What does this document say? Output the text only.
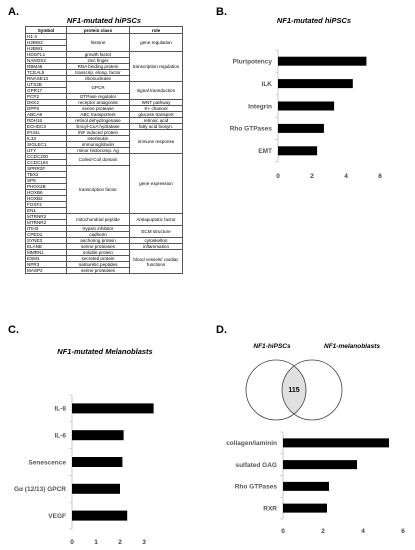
A.	B.
C.	D.
NF1-mutated hiPSCs
Symbol	protein class	role
H1-4	histone	gene regulation
H2BW2		
H2BW1		
HDGFL1	growth factor	transcription regulation
NANOS2	zinc finger	
RBM46	RNA binding protein	
TCEAL5	transcrip. elong. factor	
RNASE13	ribonuclease	
UTS2B	GPCR	signal transduction
GPR17		
PCP2	GTPase regulator	
DKK2	receptor antagonist	WNT pathway
DPP6	serine protease	K+ channel
ABCA9	ABC transporters	glucose transport
RDH16	retinol dehydrogenase	retinoic acid
ECHDC3	Enoyl-CoA hydratase	fatty acid biosyn.
IFI44L	INF induced protein	immune response
IL33	interleukin	
SIGLEC1	immunoglobulin	
UTY	minor histocomp. Ag	
CCDC200	Coiled-Coil domain	gene expression
CCDC194		
SPRR2F	transcription factor	
TBX2		
SP9		
PHOX2B		
HOXB6		
HOXB2		
FOXF2		
EN1		
MTRNR2	mitochondrial peptide	Antiapoptotic factor
MTRNR2		
ITIH3	trypsin inhibitor	ECM structure
CPED1	cadherin	
SYNE3	anchoring protein	cytoskelton
ELANE	serine proteases	inflammation
MMRN1	soluble protein	blood vessels/ cardiac functions
ESM1	secreted protein	
NPR3	natriuretic peptides	
MASP2	serine proteases	
NF1-mutated hiPSCs
Pluripotency
ILK
Integrin
Rho GTPases
EMT
0	2	4	6
IL-8
IL-6
Senescence
Gα (12/13) GPCR
VEGF
0	1	2	3
collagen/laminin
sulfated GAG
Rho GTPases
RXR
0	2	4	6
NF1-mutated Melanoblasts
115
NF1-hiPSCs	NF1-melanoblasts
